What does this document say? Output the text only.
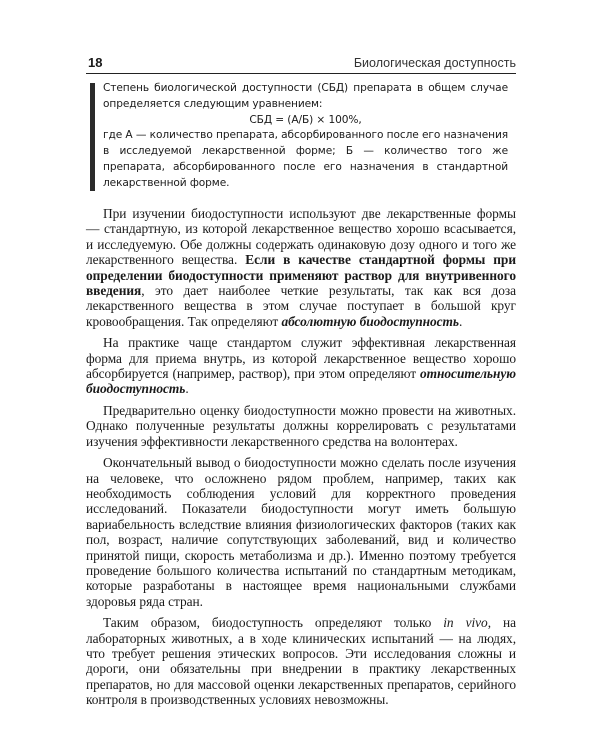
18	Биологическая доступность

Степень биологической доступности (СБД) препарата в общем случае определяется следующим уравнением:

СБД = (А/Б) × 100%,

где А — количество препарата, абсорбированного после его назначения в исследуемой лекарственной форме; Б — количество того же препарата, абсорбированного после его назначения в стандартной лекарственной форме.

При изучении биодоступности используют две лекарственные формы — стандартную, из которой лекарственное вещество хорошо всасывается, и исследуемую. Обе должны содержать одинаковую дозу одного и того же лекарственного вещества. Если в качестве стандартной формы при определении биодоступности применяют раствор для внутривенного введения, это дает наиболее четкие результаты, так как вся доза лекарственного вещества в этом случае поступает в большой круг кровообращения. Так определяют абсолютную биодоступность.

На практике чаще стандартом служит эффективная лекарственная форма для приема внутрь, из которой лекарственное вещество хорошо абсорбируется (например, раствор), при этом определяют относительную биодоступность.

Предварительно оценку биодоступности можно провести на животных. Однако полученные результаты должны коррелировать с результатами изучения эффективности лекарственного средства на волонтерах.

Окончательный вывод о биодоступности можно сделать после изучения на человеке, что осложнено рядом проблем, например, таких как необходимость соблюдения условий для корректного проведения исследований. Показатели биодоступности могут иметь большую вариабельность вследствие влияния физиологических факторов (таких как пол, возраст, наличие сопутствующих заболеваний, вид и количество принятой пищи, скорость метаболизма и др.). Именно поэтому требуется проведение большого количества испытаний по стандартным методикам, которые разработаны в настоящее время национальными службами здоровья ряда стран.

Таким образом, биодоступность определяют только in vivo, на лабораторных животных, а в ходе клинических испытаний — на людях, что требует решения этических вопросов. Эти исследования сложны и дороги, они обязательны при внедрении в практику лекарственных препаратов, но для массовой оценки лекарственных препаратов, серийного контроля в производственных условиях невозможны.
